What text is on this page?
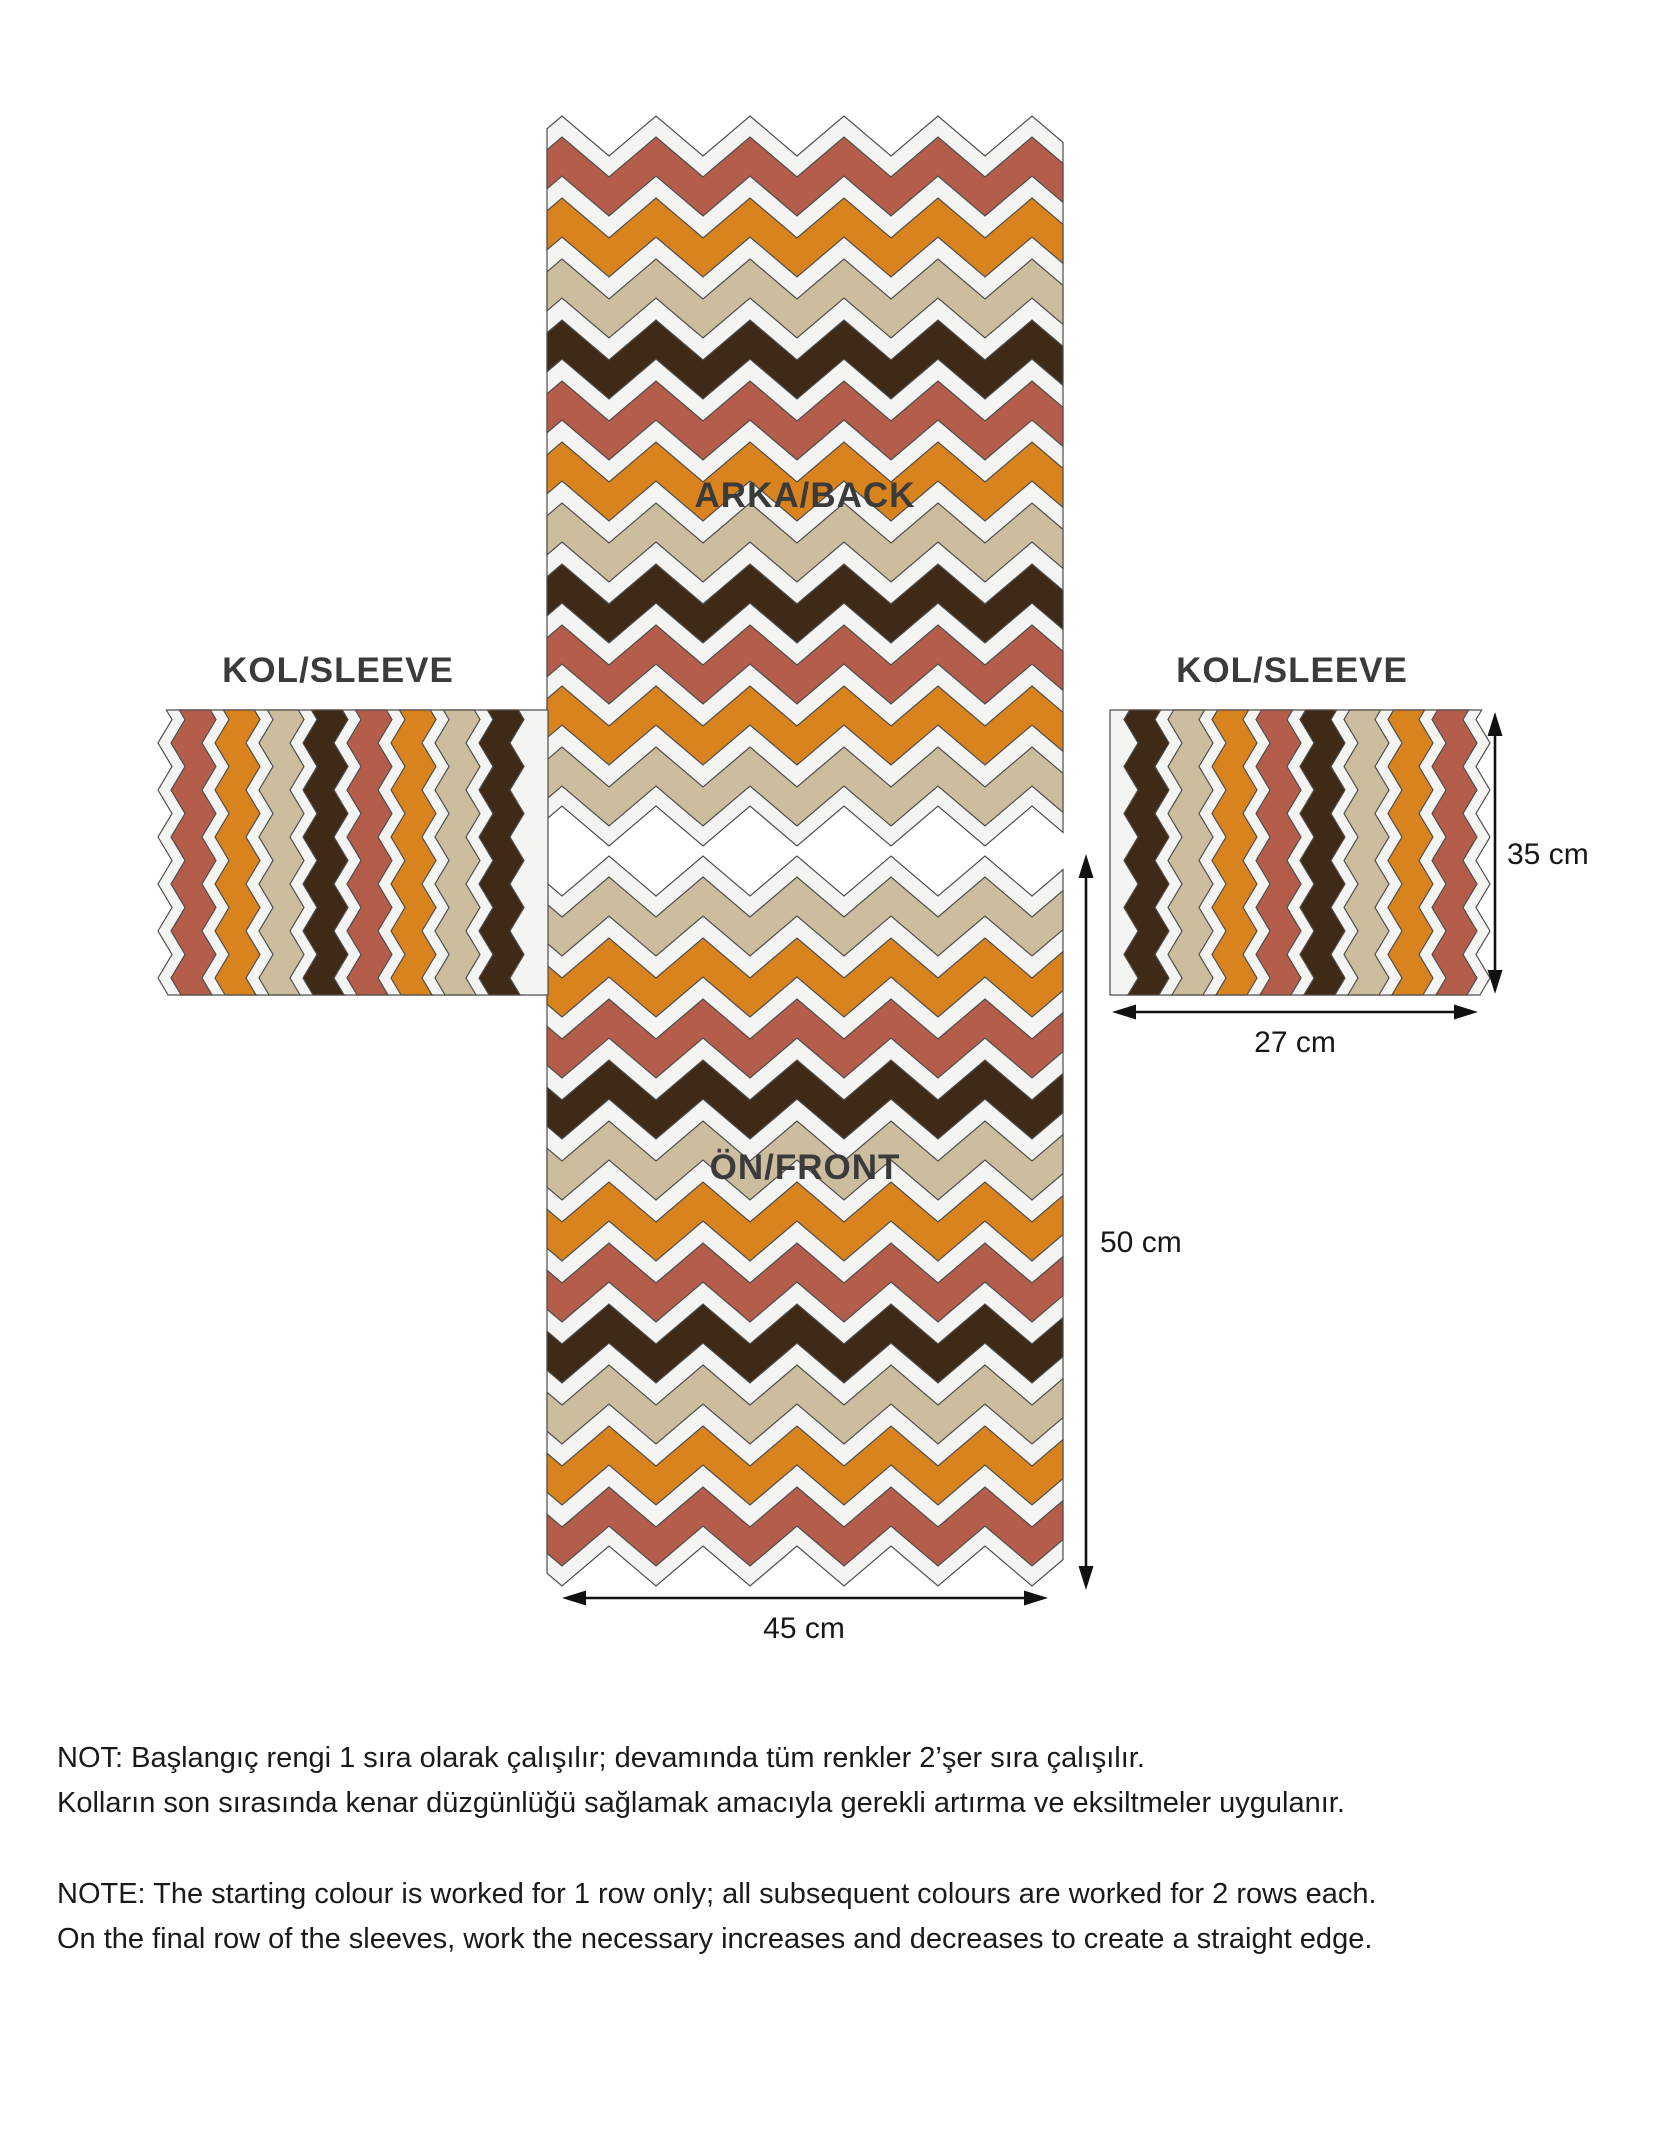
ARKA/BACK
ÖN/FRONT
KOL/SLEEVE	KOL/SLEEVE
35 cm
27 cm
50 cm
45 cm
NOT: Başlangıç rengi 1 sıra olarak çalışılır; devamında tüm renkler 2’şer sıra çalışılır.
Kolların son sırasında kenar düzgünlüğü sağlamak amacıyla gerekli artırma ve eksiltmeler uygulanır.
NOTE: The starting colour is worked for 1 row only; all subsequent colours are worked for 2 rows each.
On the final row of the sleeves, work the necessary increases and decreases to create a straight edge.
